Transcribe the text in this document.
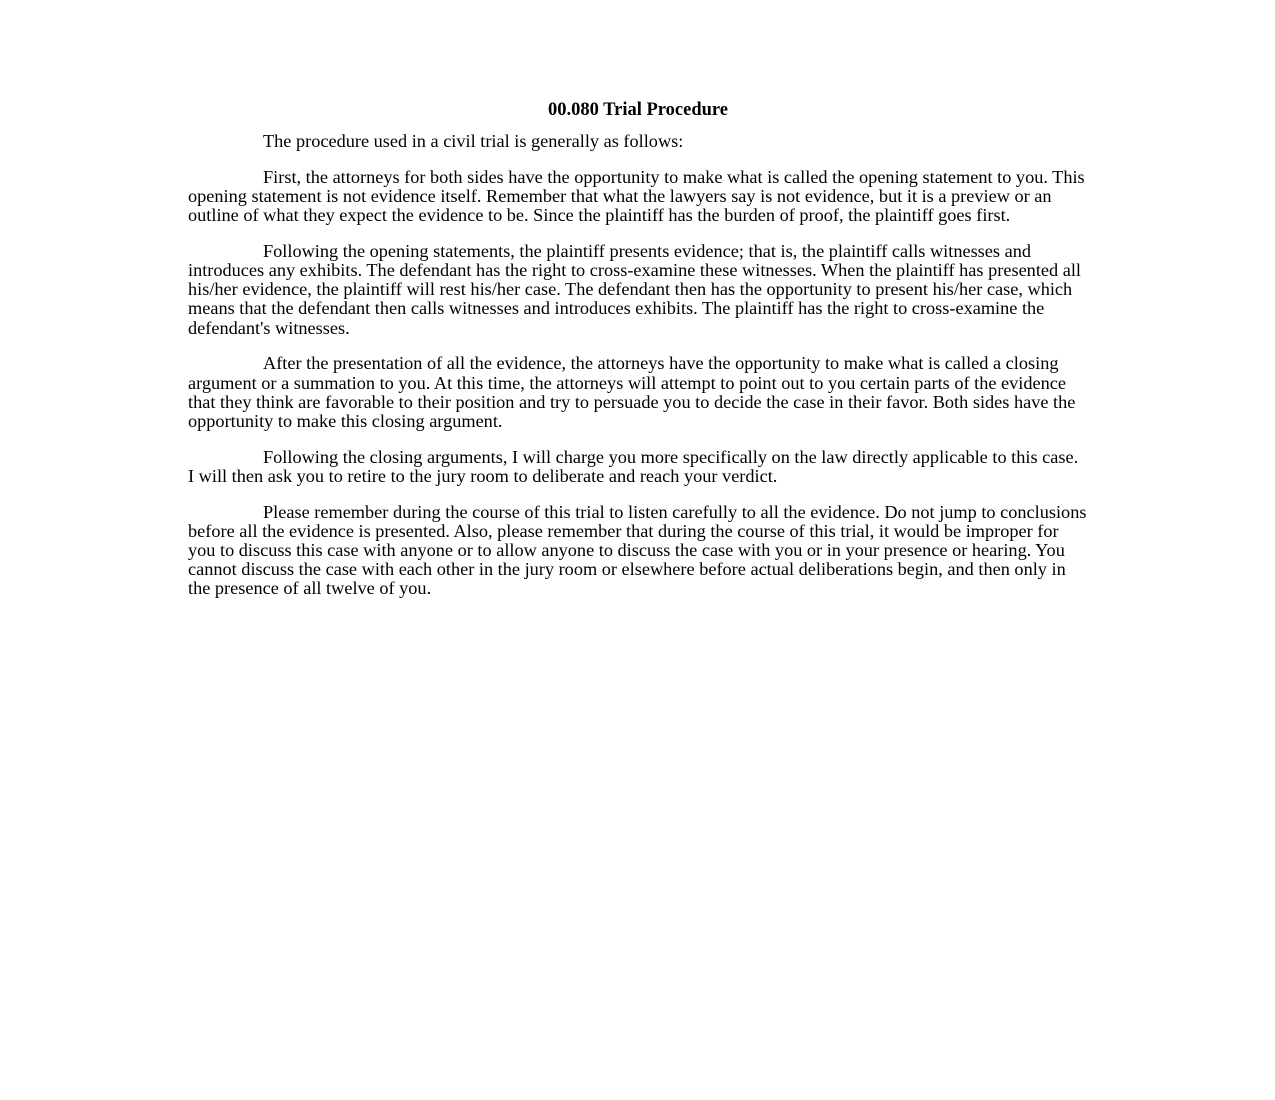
00.080 Trial Procedure

The procedure used in a civil trial is generally as follows:

First, the attorneys for both sides have the opportunity to make what is called the opening statement to you. This opening statement is not evidence itself. Remember that what the lawyers say is not evidence, but it is a preview or an outline of what they expect the evidence to be. Since the plaintiff has the burden of proof, the plaintiff goes first.

Following the opening statements, the plaintiff presents evidence; that is, the plaintiff calls witnesses and introduces any exhibits. The defendant has the right to cross-examine these witnesses. When the plaintiff has presented all his/her evidence, the plaintiff will rest his/her case. The defendant then has the opportunity to present his/her case, which means that the defendant then calls witnesses and introduces exhibits. The plaintiff has the right to cross-examine the defendant's witnesses.

After the presentation of all the evidence, the attorneys have the opportunity to make what is called a closing argument or a summation to you. At this time, the attorneys will attempt to point out to you certain parts of the evidence that they think are favorable to their position and try to persuade you to decide the case in their favor. Both sides have the opportunity to make this closing argument.

Following the closing arguments, I will charge you more specifically on the law directly applicable to this case. I will then ask you to retire to the jury room to deliberate and reach your verdict.

Please remember during the course of this trial to listen carefully to all the evidence. Do not jump to conclusions before all the evidence is presented. Also, please remember that during the course of this trial, it would be improper for you to discuss this case with anyone or to allow anyone to discuss the case with you or in your presence or hearing. You cannot discuss the case with each other in the jury room or elsewhere before actual deliberations begin, and then only in the presence of all twelve of you.
